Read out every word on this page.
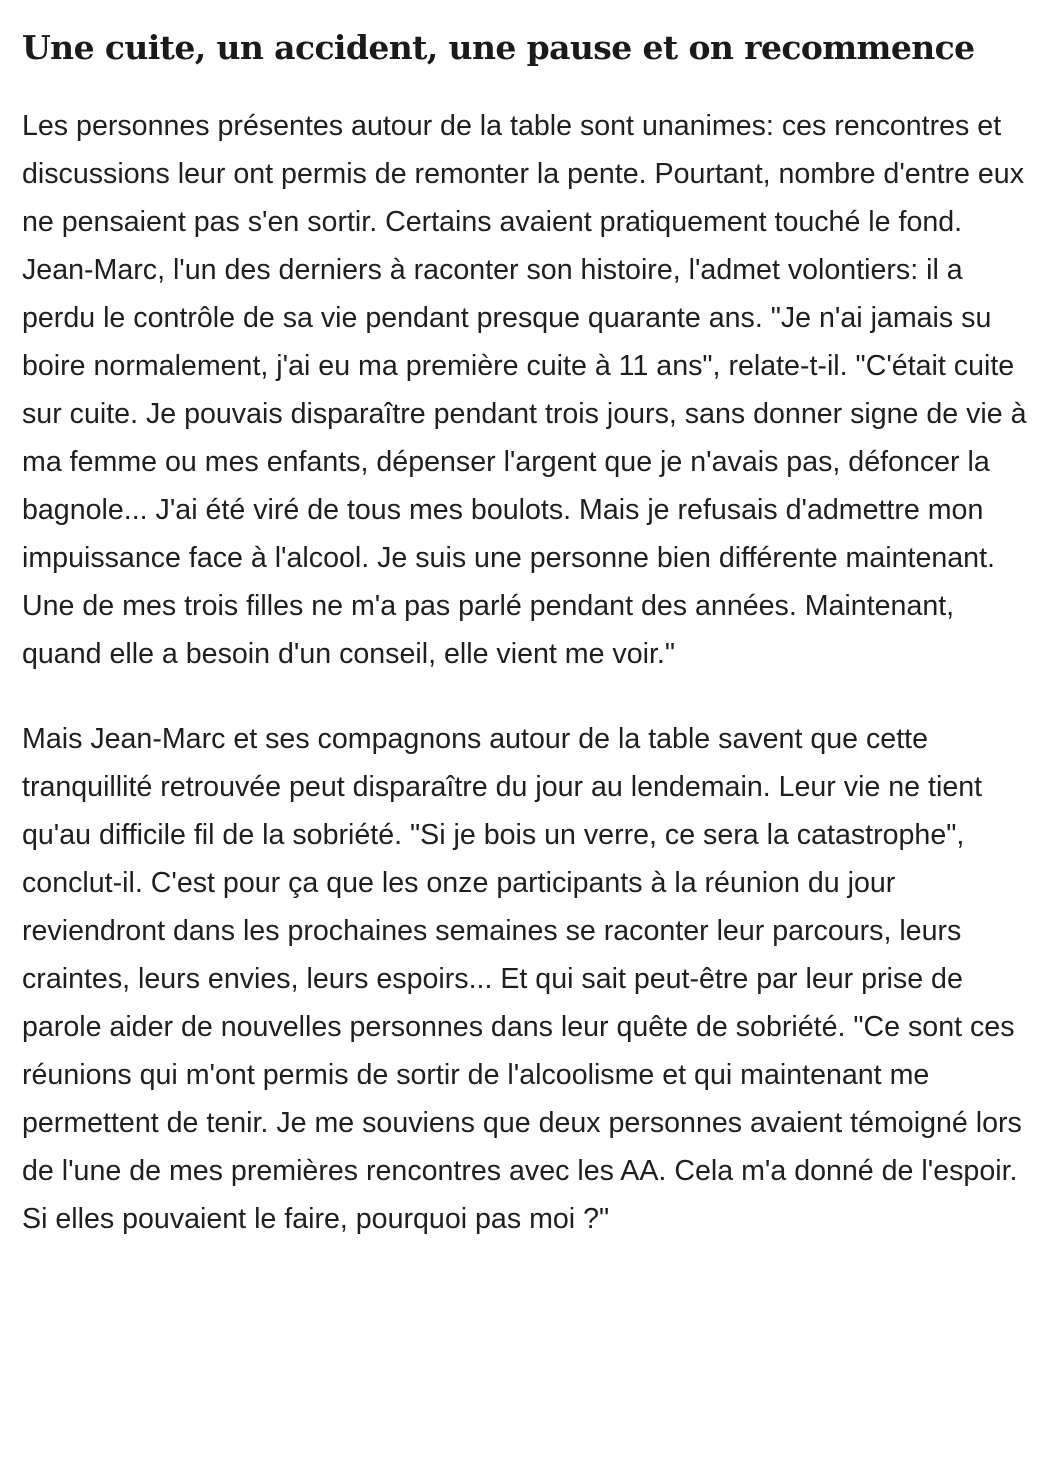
Une cuite, un accident, une pause et on recommence

Les personnes présentes autour de la table sont unanimes: ces rencontres et discussions leur ont permis de remonter la pente. Pourtant, nombre d'entre eux ne pensaient pas s'en sortir. Certains avaient pratiquement touché le fond. Jean-Marc, l'un des derniers à raconter son histoire, l'admet volontiers: il a perdu le contrôle de sa vie pendant presque quarante ans. "Je n'ai jamais su boire normalement, j'ai eu ma première cuite à 11 ans", relate-t-il. "C'était cuite sur cuite. Je pouvais disparaître pendant trois jours, sans donner signe de vie à ma femme ou mes enfants, dépenser l'argent que je n'avais pas, défoncer la bagnole... J'ai été viré de tous mes boulots. Mais je refusais d'admettre mon impuissance face à l'alcool. Je suis une personne bien différente maintenant. Une de mes trois filles ne m'a pas parlé pendant des années. Maintenant, quand elle a besoin d'un conseil, elle vient me voir."

Mais Jean-Marc et ses compagnons autour de la table savent que cette tranquillité retrouvée peut disparaître du jour au lendemain. Leur vie ne tient qu'au difficile fil de la sobriété. "Si je bois un verre, ce sera la catastrophe", conclut-il. C'est pour ça que les onze participants à la réunion du jour reviendront dans les prochaines semaines se raconter leur parcours, leurs craintes, leurs envies, leurs espoirs... Et qui sait peut-être par leur prise de parole aider de nouvelles personnes dans leur quête de sobriété. "Ce sont ces réunions qui m'ont permis de sortir de l'alcoolisme et qui maintenant me permettent de tenir. Je me souviens que deux personnes avaient témoigné lors de l'une de mes premières rencontres avec les AA. Cela m'a donné de l'espoir. Si elles pouvaient le faire, pourquoi pas moi ?"
